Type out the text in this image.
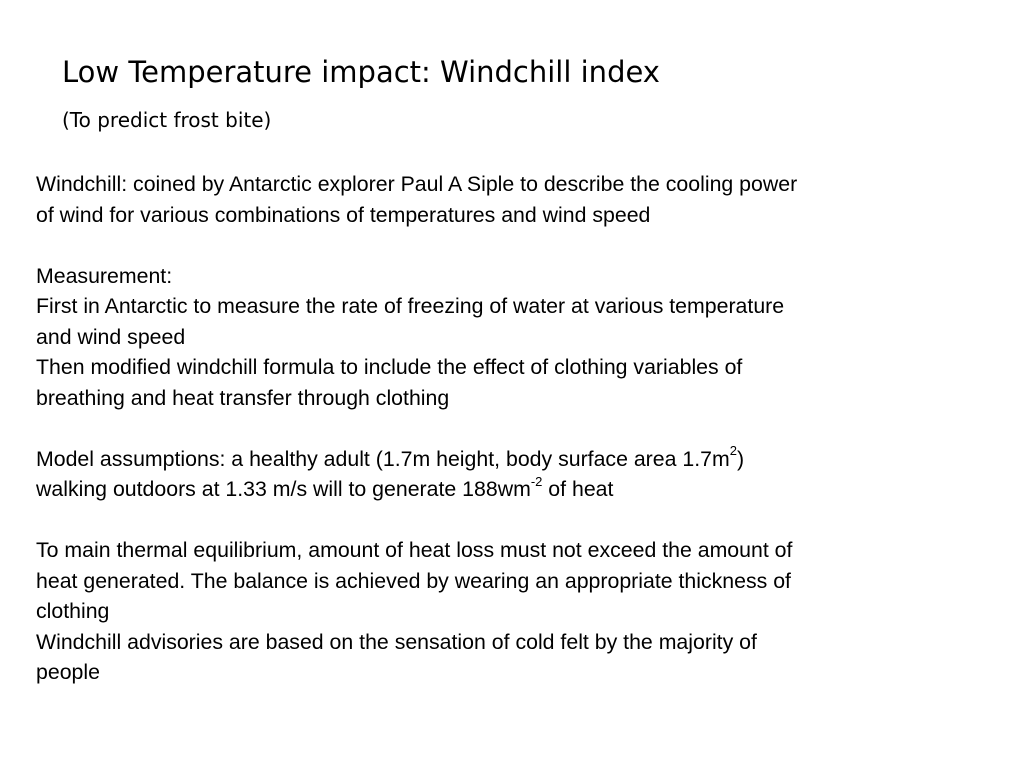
Low Temperature impact: Windchill index
(To predict frost bite)
Windchill: coined by Antarctic explorer Paul A Siple to describe the cooling power
of wind for various combinations of temperatures and wind speed
Measurement:
First in Antarctic to measure the rate of freezing of water at various temperature
and wind speed
Then modified windchill formula to include the effect of clothing variables of
breathing and heat transfer through clothing
Model assumptions: a healthy adult (1.7m height, body surface area $1.7m^2$)
walking outdoors at 1.33 m/s will to generate $188wm^{-2}$ of heat
To main thermal equilibrium, amount of heat loss must not exceed the amount of
heat generated. The balance is achieved by wearing an appropriate thickness of
clothing
Windchill advisories are based on the sensation of cold felt by the majority of
people
